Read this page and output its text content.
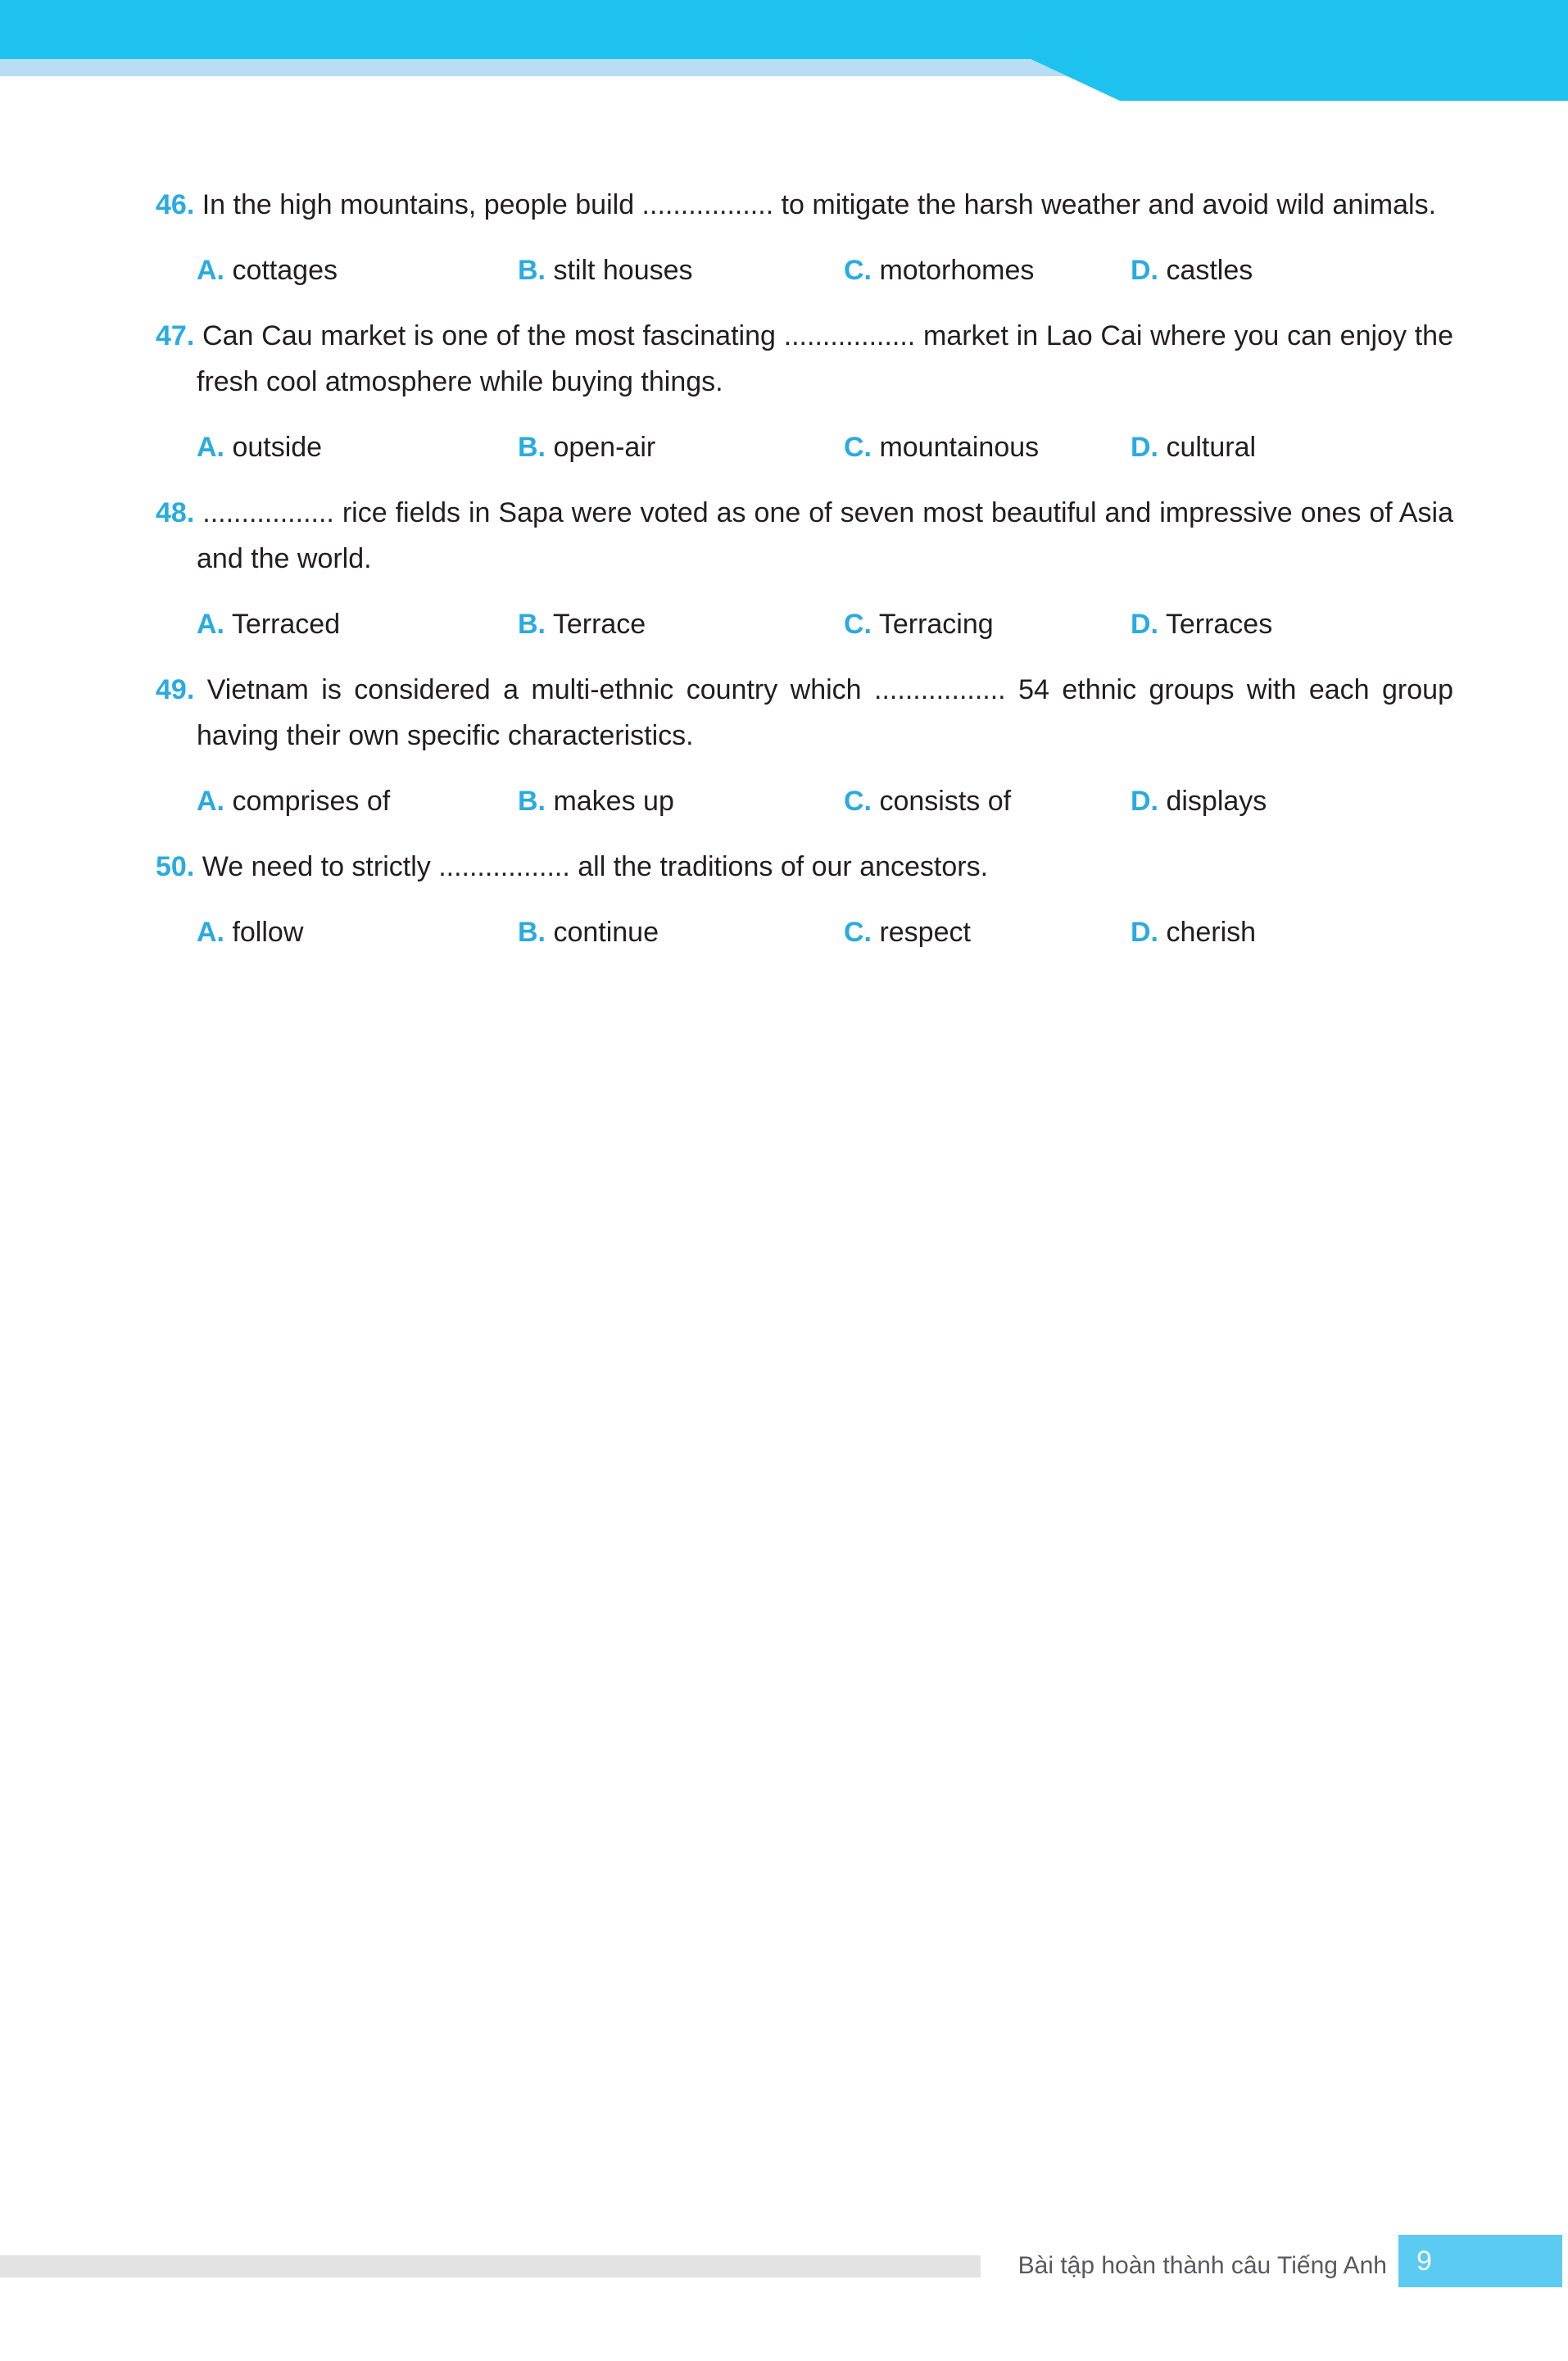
46. In the high mountains, people build ................. to mitigate the harsh weather and avoid wild animals.

A. cottages	B. stilt houses	C. motorhomes	D. castles

47. Can Cau market is one of the most fascinating ................. market in Lao Cai where you can enjoy the fresh cool atmosphere while buying things.

A. outside	B. open-air	C. mountainous	D. cultural

48. ................. rice fields in Sapa were voted as one of seven most beautiful and impressive ones of Asia and the world.

A. Terraced	B. Terrace	C. Terracing	D. Terraces

49. Vietnam is considered a multi-ethnic country which ................. 54 ethnic groups with each group having their own specific characteristics.

A. comprises of	B. makes up	C. consists of	D. displays

50. We need to strictly ................. all the traditions of our ancestors.

A. follow	B. continue	C. respect	D. cherish
Bài tập hoàn thành câu Tiếng Anh 9
